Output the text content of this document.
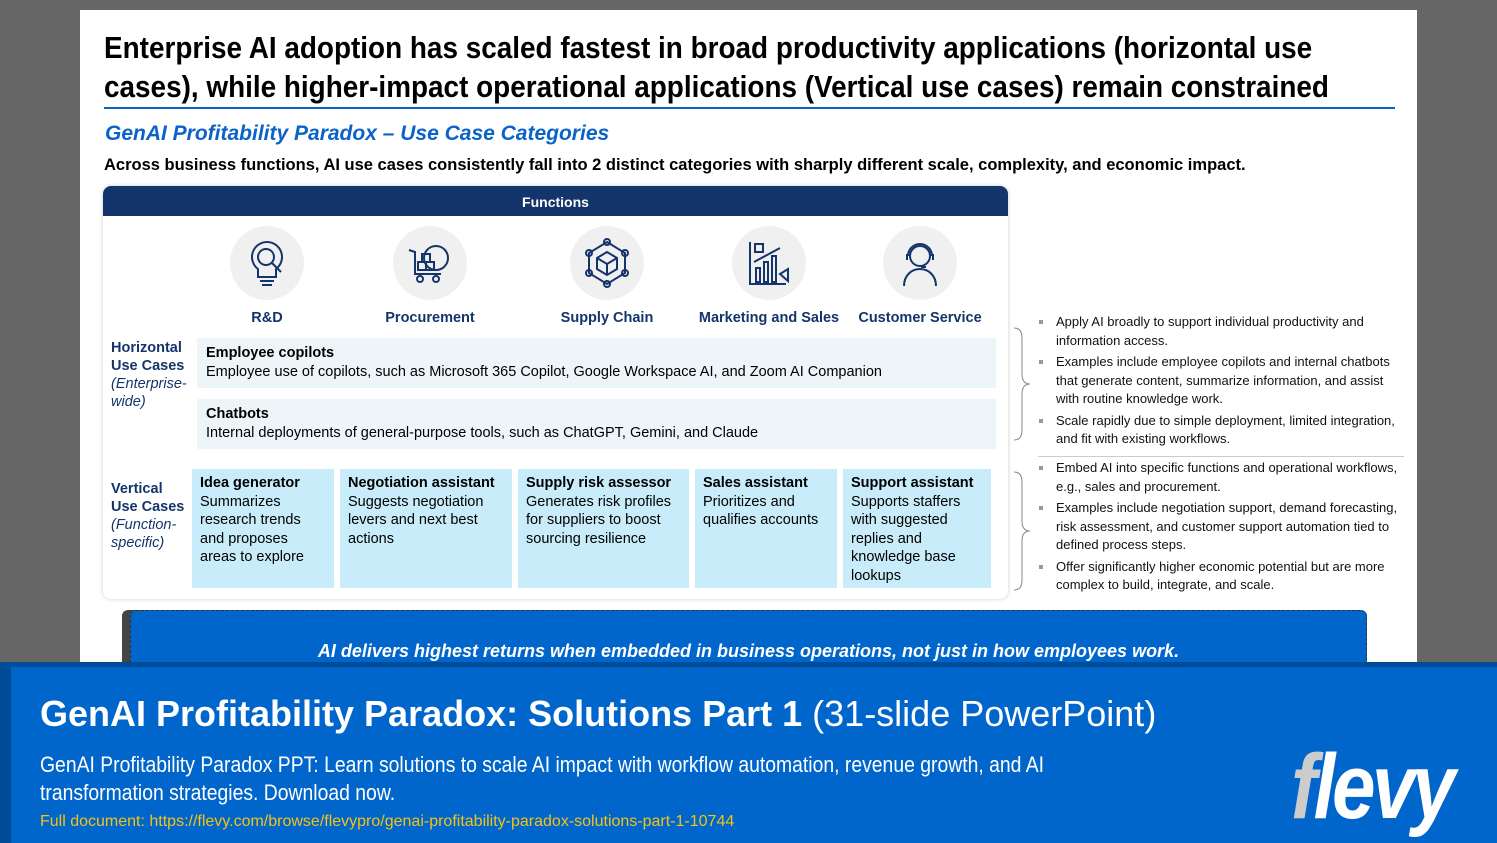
Enterprise AI adoption has scaled fastest in broad productivity applications (horizontal use cases), while higher-impact operational applications (Vertical use cases) remain constrained
GenAI Profitability Paradox – Use Case Categories
Across business functions, AI use cases consistently fall into 2 distinct categories with sharply different scale, complexity, and economic impact.
Functions
R&D	Procurement	Supply Chain	Marketing and Sales	Customer Service
Horizontal Use Cases
(Enterprise-wide)
Employee copilots
Employee use of copilots, such as Microsoft 365 Copilot, Google Workspace AI, and Zoom AI Companion
Chatbots
Internal deployments of general-purpose tools, such as ChatGPT, Gemini, and Claude
Vertical Use Cases
(Function-specific)
Idea generator
Summarizes research trends and proposes areas to explore
Negotiation assistant
Suggests negotiation levers and next best actions
Supply risk assessor
Generates risk profiles for suppliers to boost sourcing resilience
Sales assistant
Prioritizes and qualifies accounts
Support assistant
Supports staffers with suggested replies and knowledge base lookups
Apply AI broadly to support individual productivity and information access.
Examples include employee copilots and internal chatbots that generate content, summarize information, and assist with routine knowledge work.
Scale rapidly due to simple deployment, limited integration, and fit with existing workflows.
Embed AI into specific functions and operational workflows, e.g., sales and procurement.
Examples include negotiation support, demand forecasting, risk assessment, and customer support automation tied to defined process steps.
Offer significantly higher economic potential but are more complex to build, integrate, and scale.
AI delivers highest returns when embedded in business operations, not just in how employees work.
GenAI Profitability Paradox: Solutions Part 1 (31-slide PowerPoint)
GenAI Profitability Paradox PPT: Learn solutions to scale AI impact with workflow automation, revenue growth, and AI transformation strategies. Download now.
Full document: https://flevy.com/browse/flevypro/genai-profitability-paradox-solutions-part-1-10744	flevy
